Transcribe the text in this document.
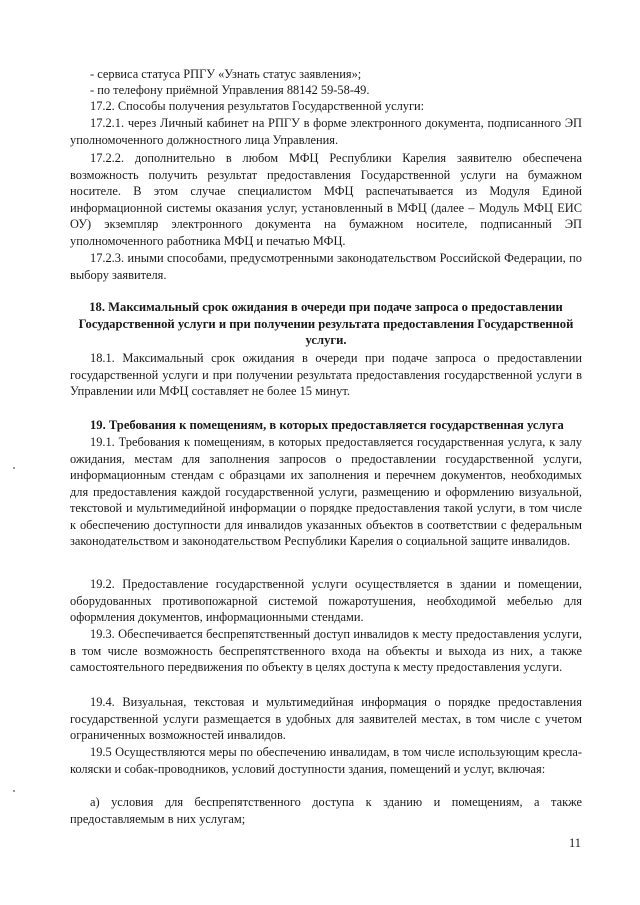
- сервиса статуса РПГУ «Узнать статус заявления»;

- по телефону приёмной Управления 88142 59-58-49.

17.2. Способы получения результатов Государственной услуги:

17.2.1. через Личный кабинет на РПГУ в форме электронного документа, подписанного ЭП уполномоченного должностного лица Управления.

17.2.2. дополнительно в любом МФЦ Республики Карелия заявителю обеспечена возможность получить результат предоставления Государственной услуги на бумажном носителе. В этом случае специалистом МФЦ распечатывается из Модуля Единой информационной системы оказания услуг, установленный в МФЦ (далее – Модуль МФЦ ЕИС ОУ) экземпляр электронного документа на бумажном носителе, подписанный ЭП уполномоченного работника МФЦ и печатью МФЦ.

17.2.3. иными способами, предусмотренными законодательством Российской Федерации, по выбору заявителя.

18. Максимальный срок ожидания в очереди при подаче запроса о предоставлении Государственной услуги и при получении результата предоставления Государственной услуги.

18.1. Максимальный срок ожидания в очереди при подаче запроса о предоставлении государственной услуги и при получении результата предоставления государственной услуги в Управлении или МФЦ составляет не более 15 минут.

19. Требования к помещениям, в которых предоставляется государственная услуга

19.1. Требования к помещениям, в которых предоставляется государственная услуга, к залу ожидания, местам для заполнения запросов о предоставлении государственной услуги, информационным стендам с образцами их заполнения и перечнем документов, необходимых для предоставления каждой государственной услуги, размещению и оформлению визуальной, текстовой и мультимедийной информации о порядке предоставления такой услуги, в том числе к обеспечению доступности для инвалидов указанных объектов в соответствии с федеральным законодательством и законодательством Республики Карелия о социальной защите инвалидов.

19.2. Предоставление государственной услуги осуществляется в здании и помещении, оборудованных противопожарной системой пожаротушения, необходимой мебелью для оформления документов, информационными стендами.

19.3. Обеспечивается беспрепятственный доступ инвалидов к месту предоставления услуги, в том числе возможность беспрепятственного входа на объекты и выхода из них, а также самостоятельного передвижения по объекту в целях доступа к месту предоставления услуги.

19.4. Визуальная, текстовая и мультимедийная информация о порядке предоставления государственной услуги размещается в удобных для заявителей местах, в том числе с учетом ограниченных возможностей инвалидов.

19.5 Осуществляются меры по обеспечению инвалидам, в том числе использующим кресла-коляски и собак-проводников, условий доступности здания, помещений и услуг, включая:

а) условия для беспрепятственного доступа к зданию и помещениям, а также предоставляемым в них услугам;

11
